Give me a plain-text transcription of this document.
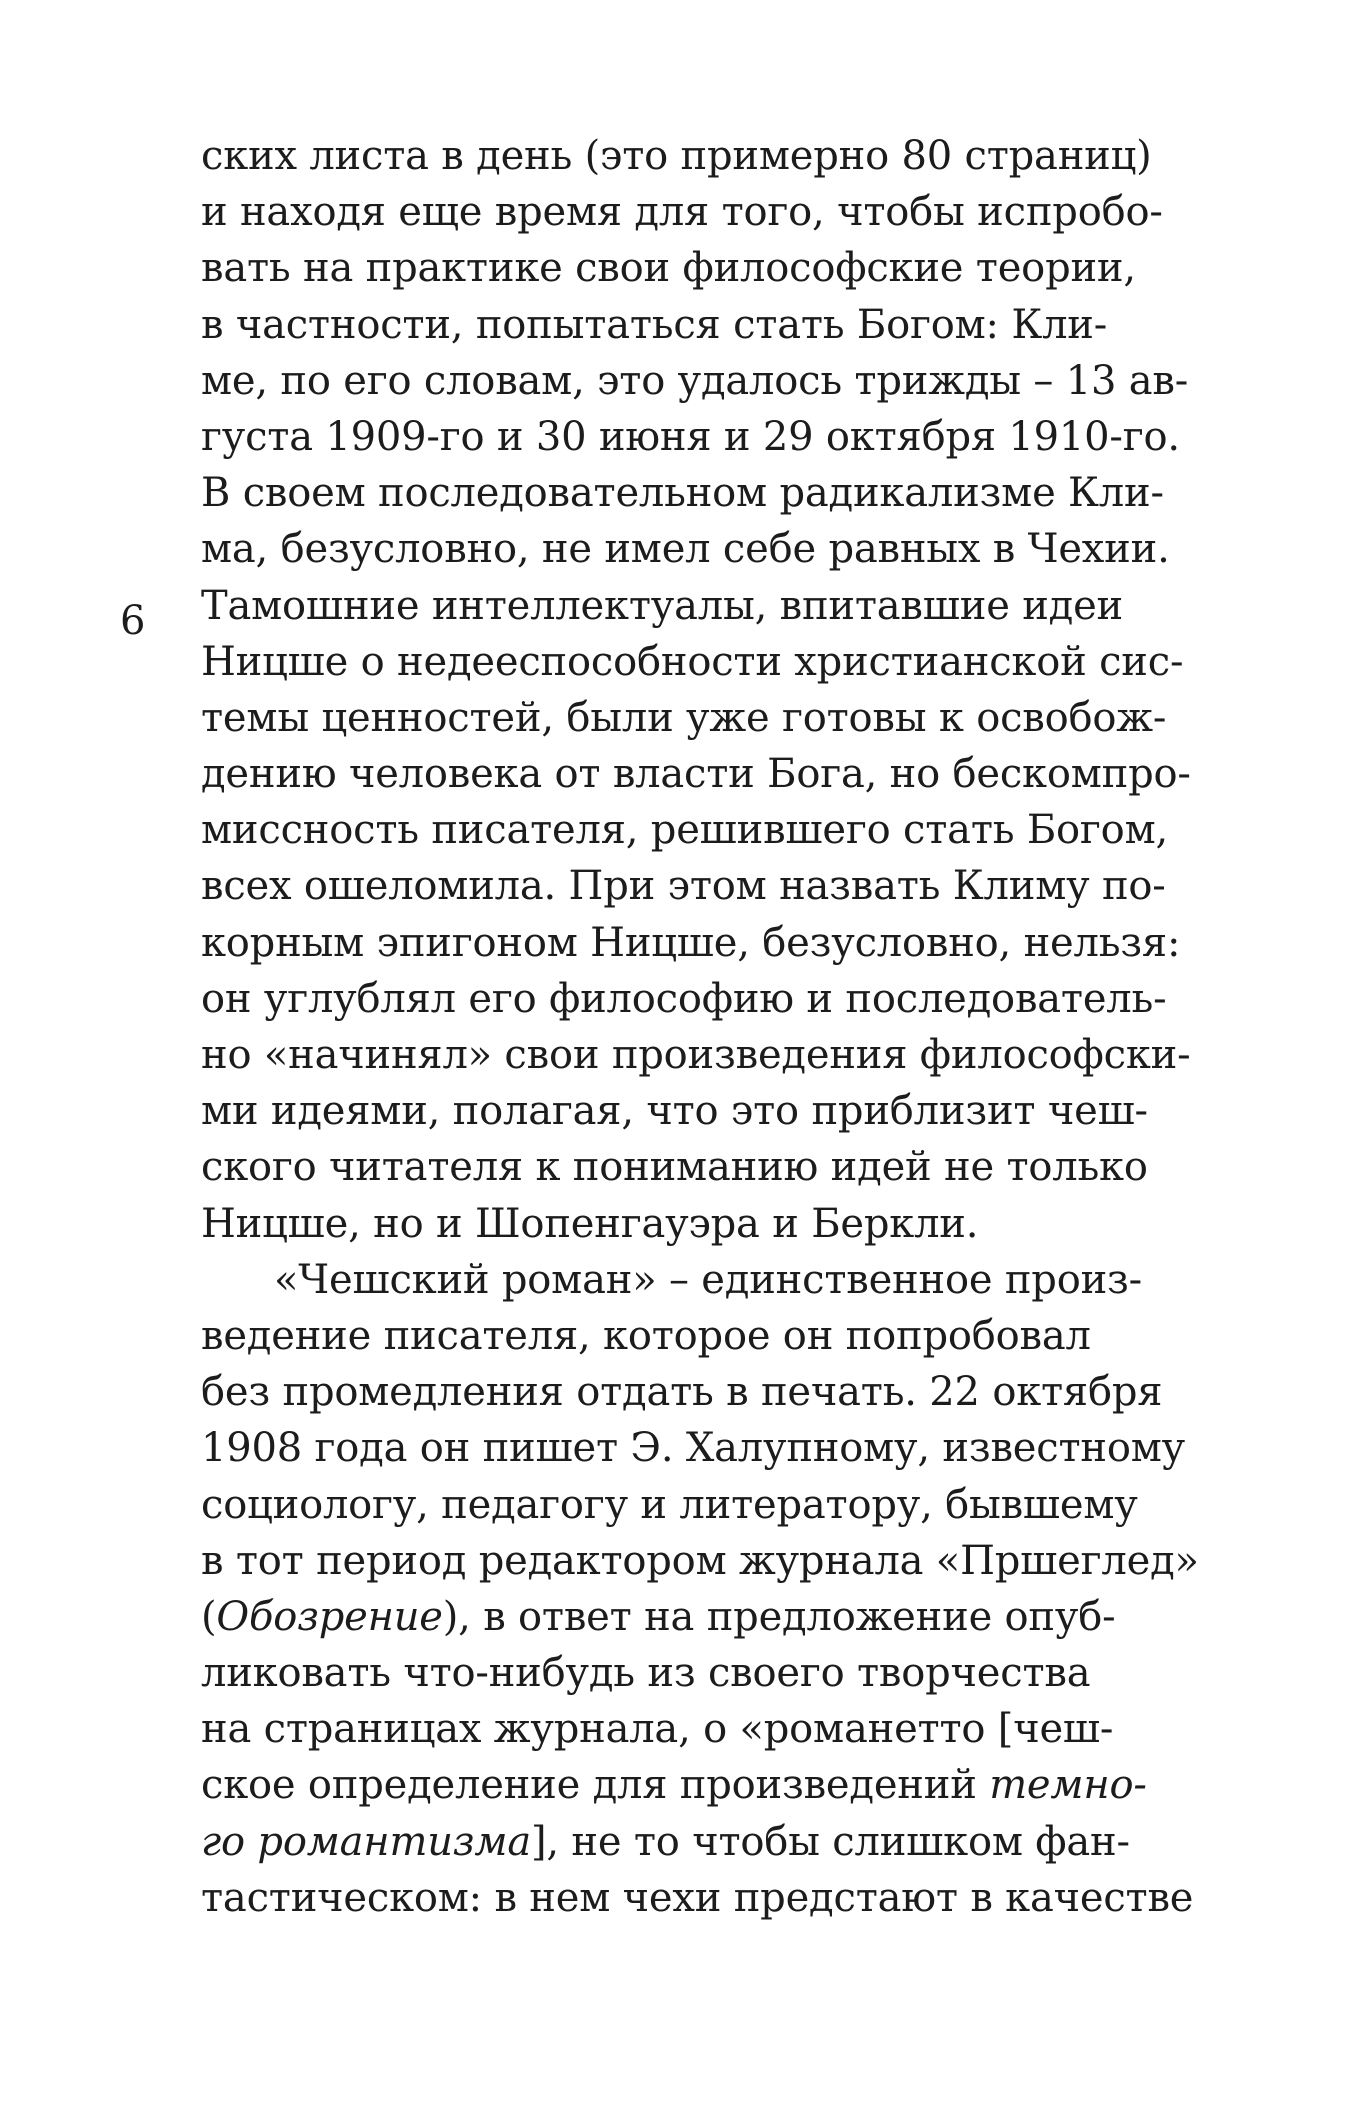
6
ских листа в день (это примерно 80 страниц)
и находя еще время для того, чтобы испробо-
вать на практике свои философские теории,
в частности, попытаться стать Богом: Кли-
ме, по его словам, это удалось трижды – 13 ав-
густа 1909-го и 30 июня и 29 октября 1910-го.
В своем последовательном радикализме Кли-
ма, безусловно, не имел себе равных в Чехии.
Тамошние интеллектуалы, впитавшие идеи
Ницше о недееспособности христианской сис-
темы ценностей, были уже готовы к освобож-
дению человека от власти Бога, но бескомпро-
миссность писателя, решившего стать Богом,
всех ошеломила. При этом назвать Климу по-
корным эпигоном Ницше, безусловно, нельзя:
он углублял его философию и последователь-
но «начинял» свои произведения философски-
ми идеями, полагая, что это приблизит чеш-
ского читателя к пониманию идей не только
Ницше, но и Шопенгауэра и Беркли.
«Чешский роман» – единственное произ-
ведение писателя, которое он попробовал
без промедления отдать в печать. 22 октября
1908 года он пишет Э. Халупному, известному
социологу, педагогу и литератору, бывшему
в тот период редактором журнала «Пршеглед»
(Обозрение), в ответ на предложение опуб-
ликовать что-нибудь из своего творчества
на страницах журнала, о «романетто [чеш-
ское определение для произведений темно-
го романтизма], не то чтобы слишком фан-
тастическом: в нем чехи предстают в качестве
